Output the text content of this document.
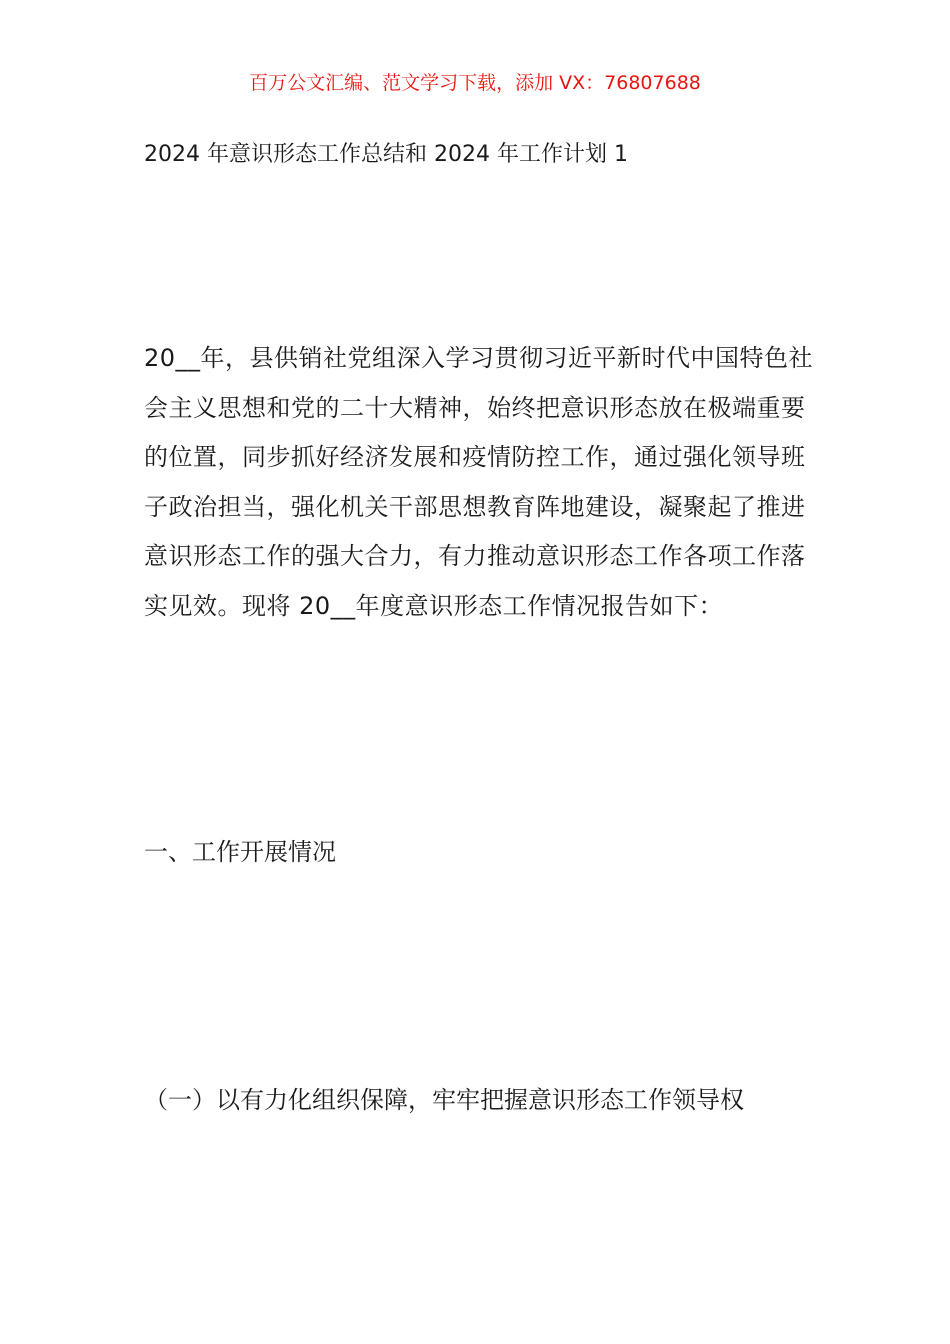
百万公文汇编、范文学习下载，添加 VX：76807688
2024 年意识形态工作总结和 2024 年工作计划 1
20__年，县供销社党组深入学习贯彻习近平新时代中国特色社
会主义思想和党的二十大精神，始终把意识形态放在极端重要
的位置，同步抓好经济发展和疫情防控工作，通过强化领导班
子政治担当，强化机关干部思想教育阵地建设，凝聚起了推进
意识形态工作的强大合力，有力推动意识形态工作各项工作落
实见效。现将 20__年度意识形态工作情况报告如下：
一、工作开展情况
（一）以有力化组织保障，牢牢把握意识形态工作领导权
